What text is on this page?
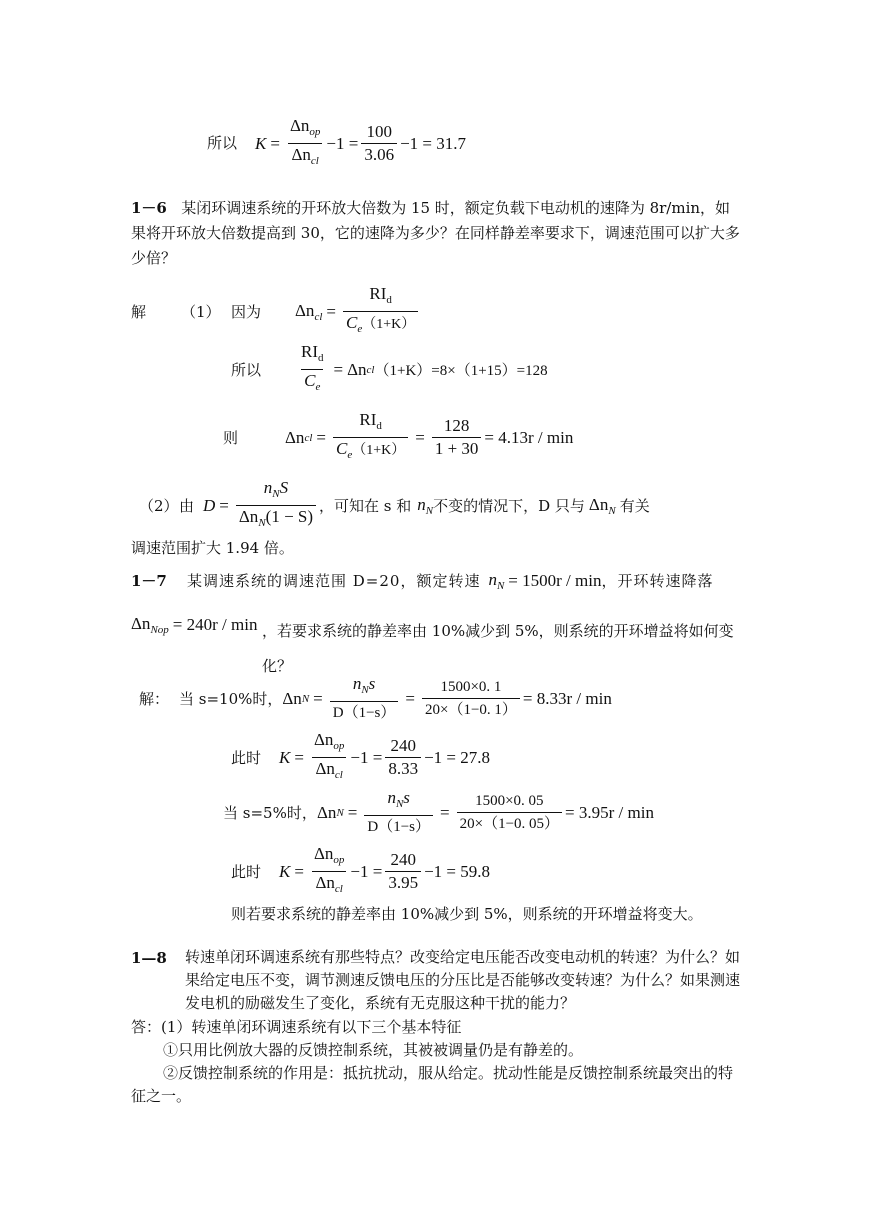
所以 $K = \frac{\Delta n_{op}}{\Delta n_{cl}} -1 = \frac{100}{3.06} -1 = 31.7$
1－6 某闭环调速系统的开环放大倍数为 15 时，额定负载下电动机的速降为 8r/min，如果将开环放大倍数提高到 30，它的速降为多少？在同样静差率要求下，调速范围可以扩大多少倍？
解	（1） 因为	$\Delta n_{cl} = \frac{RI_d}{C_e(1+K)}$
所以	$\frac{RI_d}{C_e} = \Delta n$ cl （1+K）=8×（1+15）=128
则	Δn cl = $\frac{RI_d}{C_e(1+K)} = \frac{128}{1 + 30} = 4.13r / \min$
（2） 由 $D = \frac{n_NS}{\Delta n_N(1 - S)}$ ，可知在 s 和 $n_N$ 不变的情况下，D 只与 $\Delta n_N$ 有关
调速范围扩大 1.94 倍。
1－7	某调速系统的调速范围 D=20，额定转速 $n_N = 1500r / \min$ ，开环转速降落
$\Delta n_{Nop} = 240r / \min$ ，若要求系统的静差率由 10%减少到 5%，则系统的开环增益将如何变化？
解： 当 s=10%时， Δn $N = \frac{n_Ns}{D(1-s)} = \frac{1500\times 0. 1}{20\times(1-0. 1)} = 8.33r / \min$
此时	$K = \frac{\Delta n_{op}}{\Delta n_{cl}} -1 = \frac{240}{8.33} -1 = 27.8$
当 s=5%时， Δn $N = \frac{n_Ns}{D(1-s)} = \frac{1500\times 0. 05}{20\times(1-0. 05)} = 3.95r / \min$
此时	$K = \frac{\Delta n_{op}}{\Delta n_{cl}} -1 = \frac{240}{3.95} -1 = 59.8$
则若要求系统的静差率由 10%减少到 5%，则系统的开环增益将变大。
1—8 转速单闭环调速系统有那些特点？改变给定电压能否改变电动机的转速？为什么？如果给定电压不变，调节测速反馈电压的分压比是否能够改变转速？为什么？如果测速发电机的励磁发生了变化，系统有无克服这种干扰的能力？
答：(1）转速单闭环调速系统有以下三个基本特征
①只用比例放大器的反馈控制系统，其被被调量仍是有静差的。
②反馈控制系统的作用是：抵抗扰动，服从给定。扰动性能是反馈控制系统最突出的特征之一。
